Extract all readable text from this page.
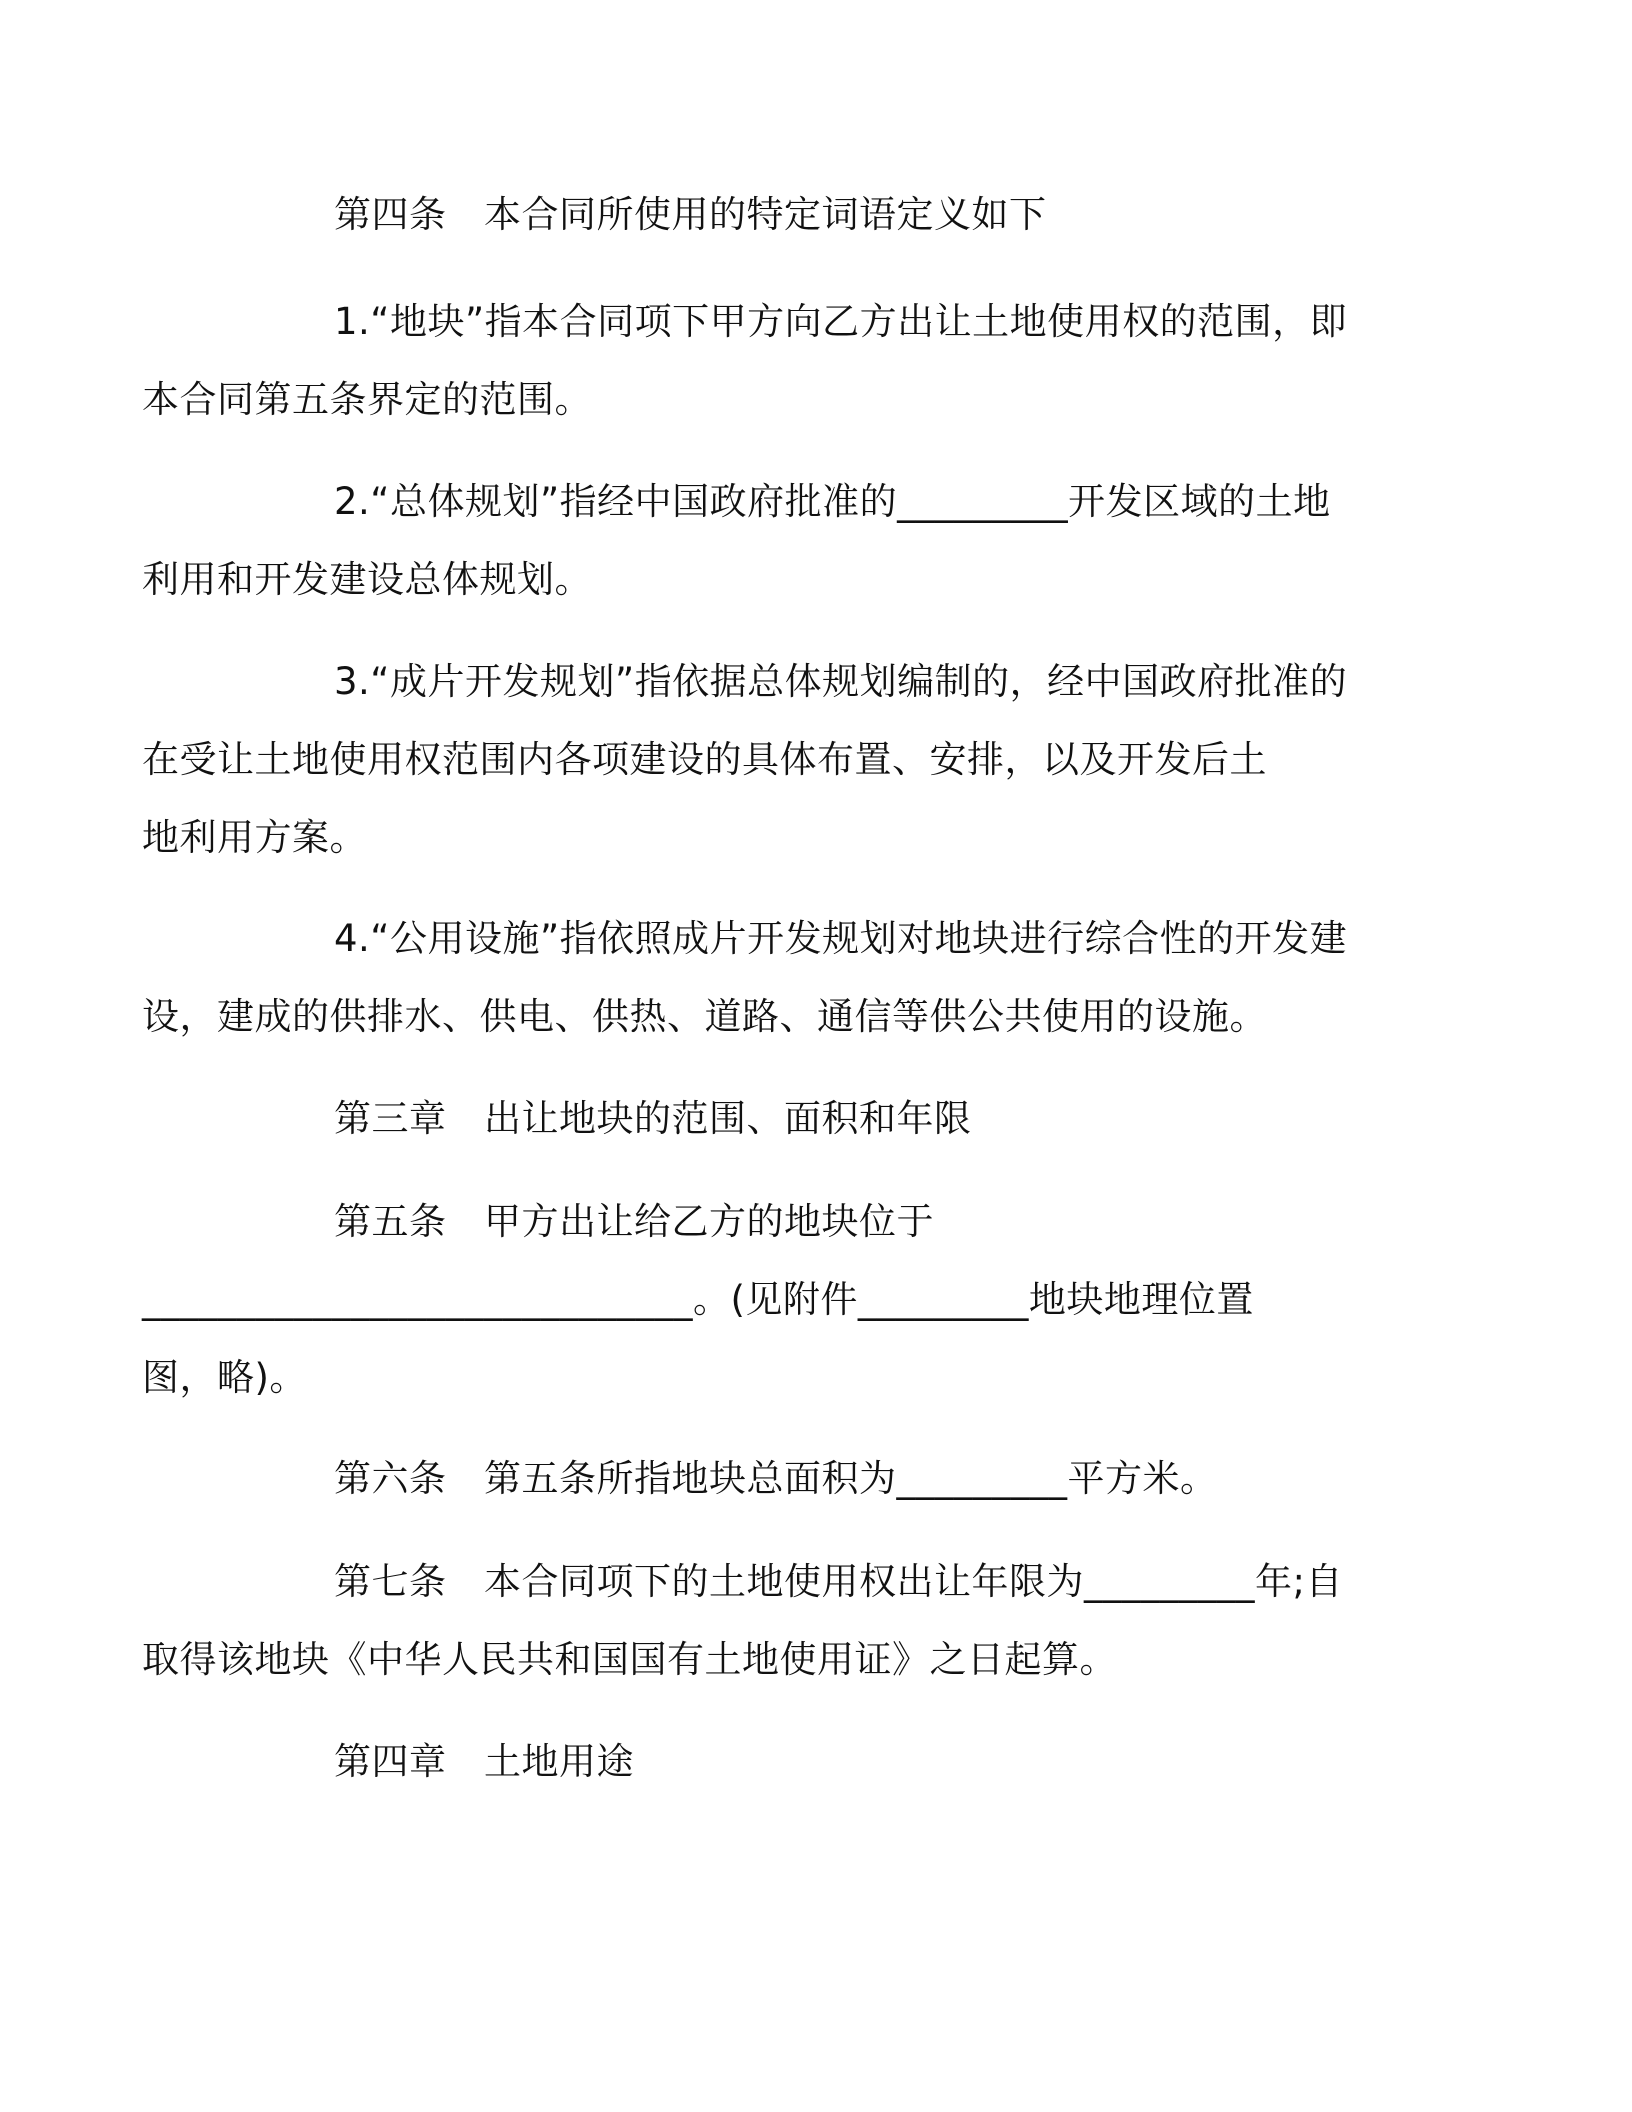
第四条　本合同所使用的特定词语定义如下

1.“地块”指本合同项下甲方向乙方出让土地使用权的范围，即
本合同第五条界定的范围。

2.“总体规划”指经中国政府批准的_________开发区域的土地
利用和开发建设总体规划。

3.“成片开发规划”指依据总体规划编制的，经中国政府批准的
在受让土地使用权范围内各项建设的具体布置、安排，以及开发后土
地利用方案。

4.“公用设施”指依照成片开发规划对地块进行综合性的开发建
设，建成的供排水、供电、供热、道路、通信等供公共使用的设施。

第三章　出让地块的范围、面积和年限

第五条　甲方出让给乙方的地块位于
_____________________________。(见附件_________地块地理位置
图，略)。

第六条　第五条所指地块总面积为_________平方米。

第七条　本合同项下的土地使用权出让年限为_________年;自
取得该地块《中华人民共和国国有土地使用证》之日起算。

第四章　土地用途
